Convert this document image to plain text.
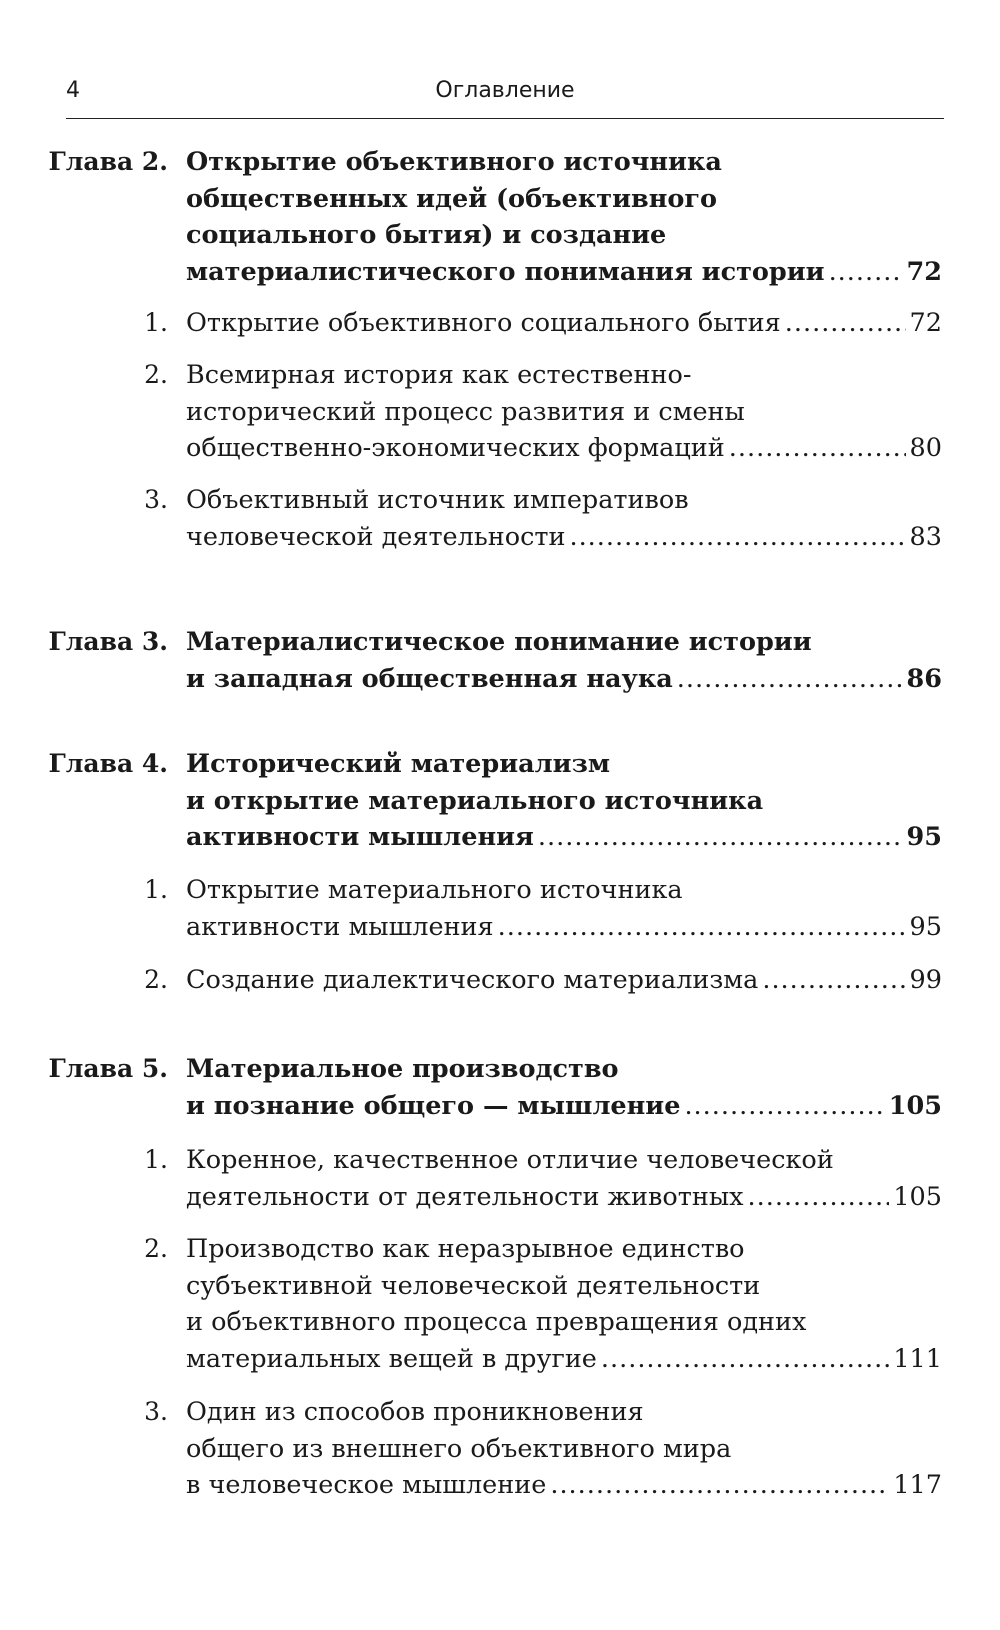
4	Оглавление
Глава 2. Открытие объективного источника
общественных идей (объективного
социального бытия) и создание
материалистического понимания истории .....	72
1. Открытие объективного социального бытия .....	72
2. Всемирная история как естественно-
исторический процесс развития и смены
общественно-экономических формаций .....	80
3. Объективный источник императивов
человеческой деятельности .....	83
Глава 3. Материалистическое понимание истории
и западная общественная наука .....	86
Глава 4. Исторический материализм
и открытие материального источника
активности мышления .....	95
1. Открытие материального источника
активности мышления .....	95
2. Создание диалектического материализма .....	99
Глава 5. Материальное производство
и познание общего — мышление .....	105
1. Коренное, качественное отличие человеческой
деятельности от деятельности животных .....	105
2. Производство как неразрывное единство
субъективной человеческой деятельности
и объективного процесса превращения одних
материальных вещей в другие .....	111
3. Один из способов проникновения
общего из внешнего объективного мира
в человеческое мышление .....	117
